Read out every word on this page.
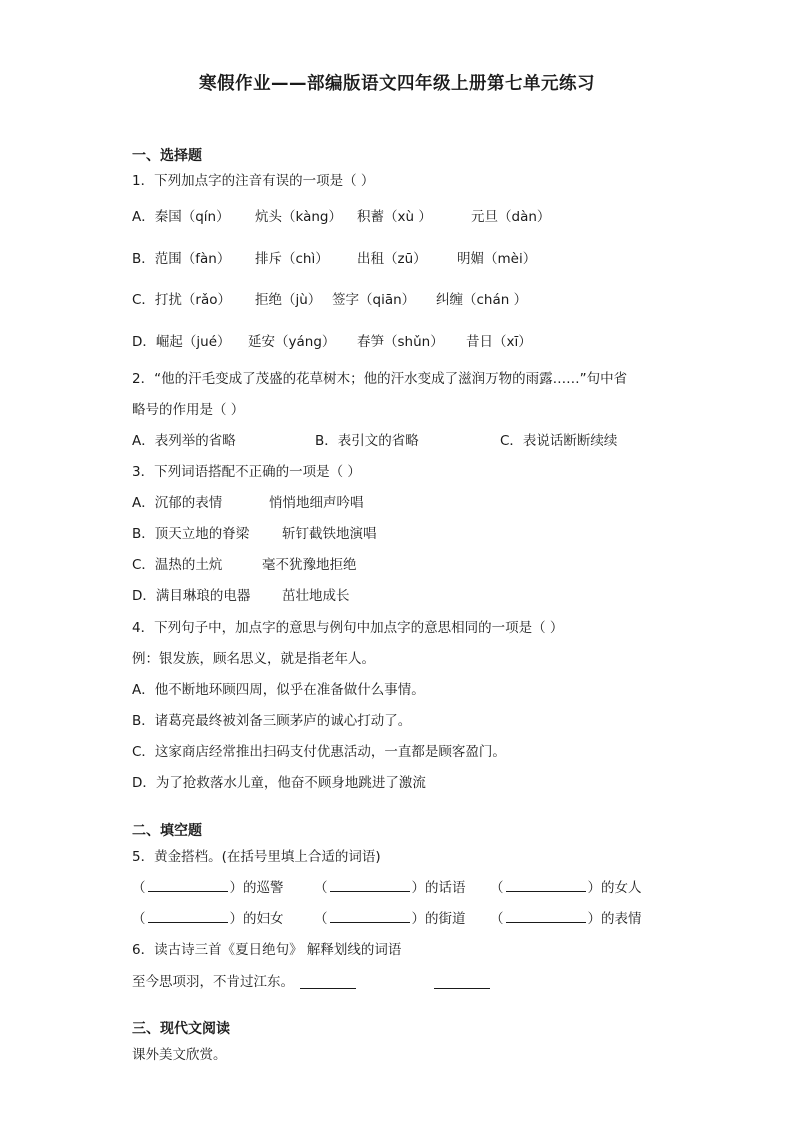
寒假作业——部编版语文四年级上册第七单元练习
一、选择题
1．下列加点字的注音有误的一项是（ ）
A．秦国（qín） 炕头（kàng） 积蓄（xù ）	元旦（dàn）
B．范围（fàn） 排斥（chì） 出租（zū） 明媚（mèi）
C．打扰（rǎo） 拒绝（jù） 签字（qiān） 纠缠（chán ）
D．崛起（jué） 延安（yáng） 春笋（shǔn） 昔日（xī）
2．“他的汗毛变成了茂盛的花草树木；他的汗水变成了滋润万物的雨露……”句中省
略号的作用是（ ）
A．表列举的省略	B．表引文的省略	C．表说话断断续续
3．下列词语搭配不正确的一项是（ ）
A．沉郁的表情	悄悄地细声吟唱
B．顶天立地的脊梁 斩钉截铁地演唱
C．温热的土炕	毫不犹豫地拒绝
D．满目琳琅的电器 茁壮地成长
4．下列句子中，加点字的意思与例句中加点字的意思相同的一项是（ ）
例：银发族，顾名思义，就是指老年人。
A．他不断地环顾四周，似乎在准备做什么事情。
B．诸葛亮最终被刘备三顾茅庐的诚心打动了。
C．这家商店经常推出扫码支付优惠活动，一直都是顾客盈门。
D．为了抢救落水儿童，他奋不顾身地跳进了激流
二、填空题
5．黄金搭档。(在括号里填上合适的词语)
（	）的巡警 （	）的话语 （	）的女人
（	）的妇女 （	）的街道 （	）的表情
6．读古诗三首《夏日绝句》 解释划线的词语
至今思项羽，不肯过江东。
三、现代文阅读
课外美文欣赏。
